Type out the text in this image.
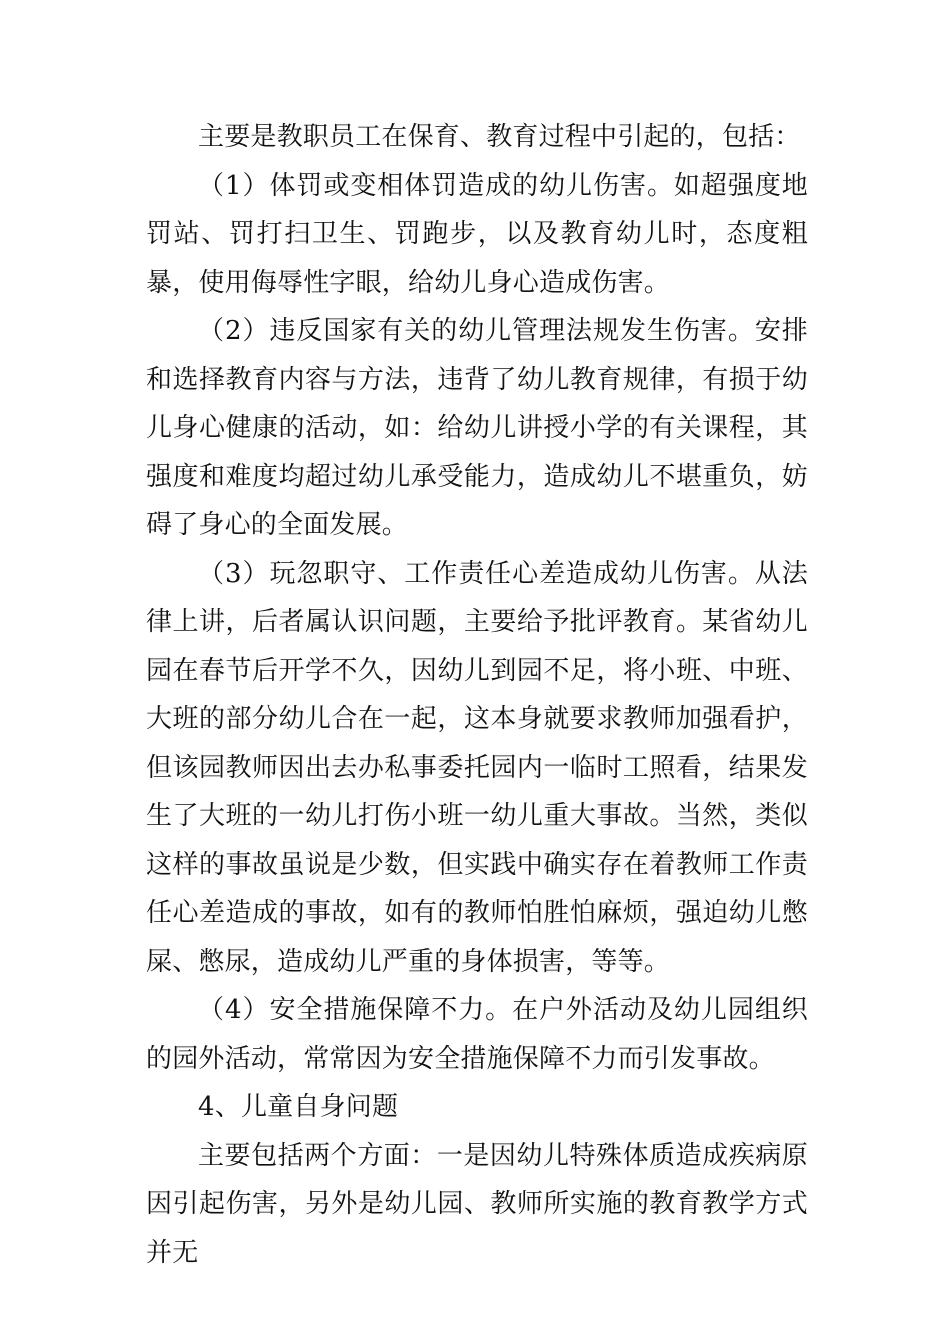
主要是教职员工在保育、教育过程中引起的，包括：

（1）体罚或变相体罚造成的幼儿伤害。如超强度地罚站、罚打扫卫生、罚跑步，以及教育幼儿时，态度粗暴，使用侮辱性字眼，给幼儿身心造成伤害。

（2）违反国家有关的幼儿管理法规发生伤害。安排和选择教育内容与方法，违背了幼儿教育规律，有损于幼儿身心健康的活动，如：给幼儿讲授小学的有关课程，其强度和难度均超过幼儿承受能力，造成幼儿不堪重负，妨碍了身心的全面发展。

（3）玩忽职守、工作责任心差造成幼儿伤害。从法律上讲，后者属认识问题，主要给予批评教育。某省幼儿园在春节后开学不久，因幼儿到园不足，将小班、中班、大班的部分幼儿合在一起，这本身就要求教师加强看护，但该园教师因出去办私事委托园内一临时工照看，结果发生了大班的一幼儿打伤小班一幼儿重大事故。当然，类似这样的事故虽说是少数，但实践中确实存在着教师工作责任心差造成的事故，如有的教师怕胜怕麻烦，强迫幼儿憋屎、憋尿，造成幼儿严重的身体损害，等等。

（4）安全措施保障不力。在户外活动及幼儿园组织的园外活动，常常因为安全措施保障不力而引发事故。

4、儿童自身问题

主要包括两个方面：一是因幼儿特殊体质造成疾病原因引起伤害，另外是幼儿园、教师所实施的教育教学方式并无
